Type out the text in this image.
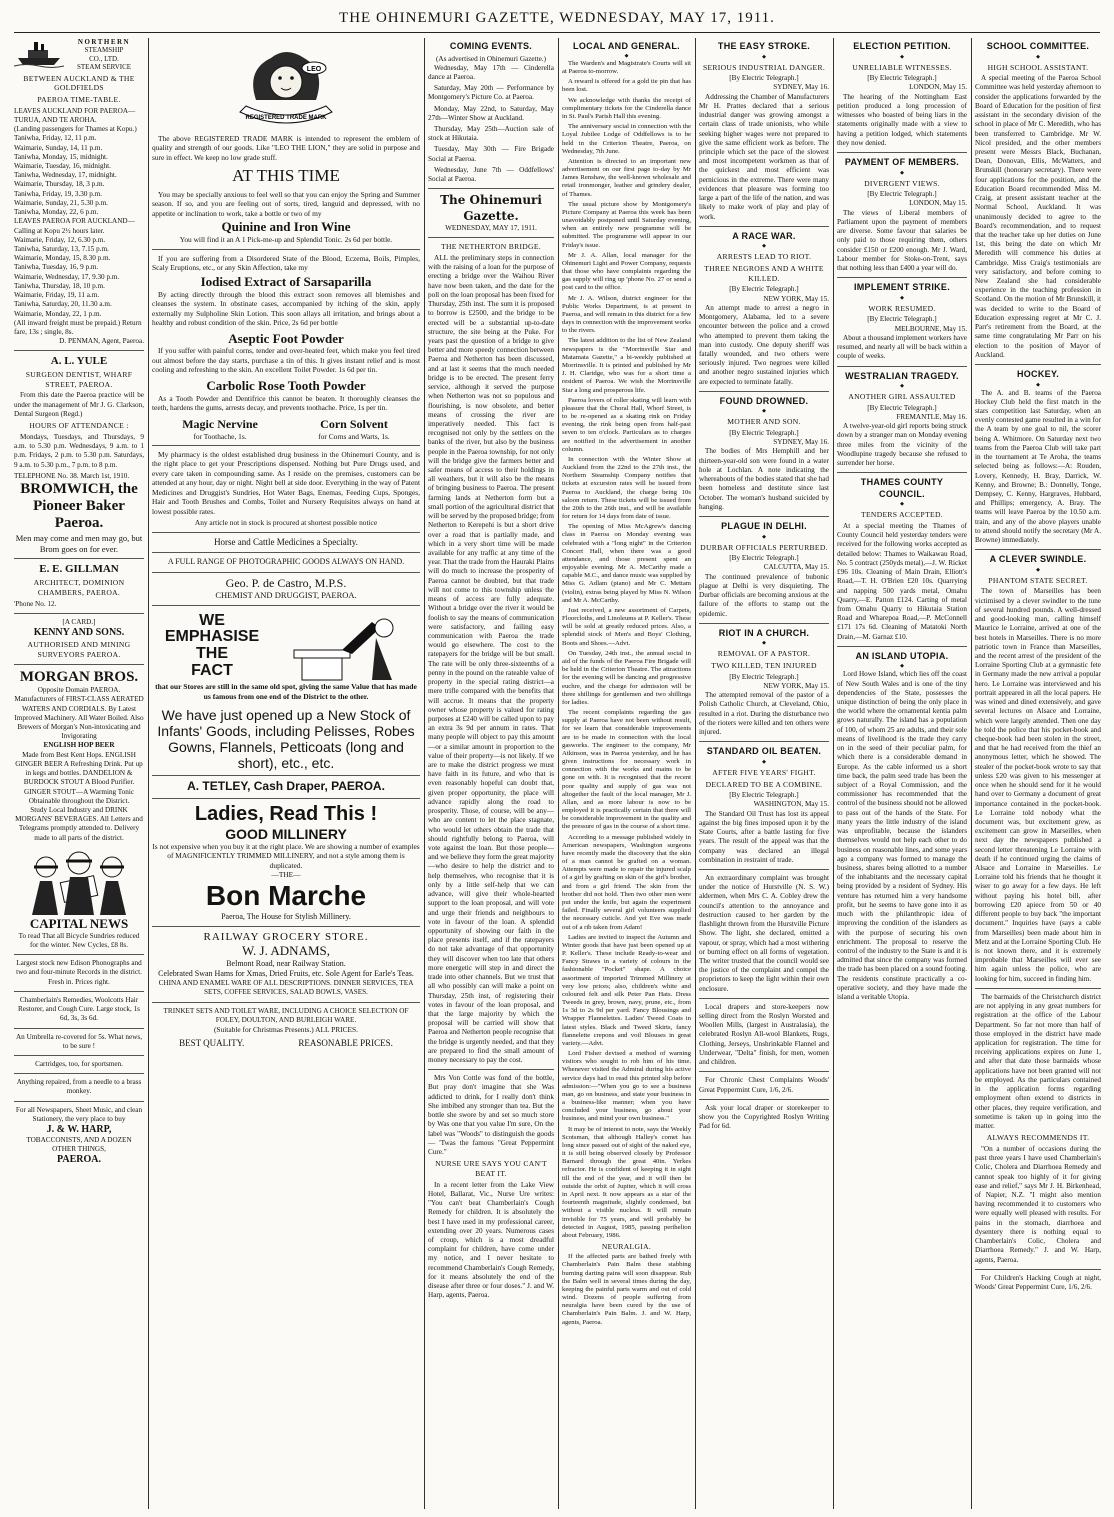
THE OHINEMURI GAZETTE, WEDNESDAY, MAY 17, 1911.
NORTHERN
STEAMSHIP
CO., LTD.
STEAM SERVICE
BETWEEN AUCKLAND & THE GOLDFIELDS
PAEROA TIME-TABLE.
LEAVES AUCKLAND FOR PAEROA—TURUA, AND TE AROHA.
(Landing passengers for Thames at Kopu.)
Taniwha, Friday, 12, 11 p.m.
Waimarie, Sunday, 14, 11 p.m.
Taniwha, Monday, 15, midnight.
Waimarie, Tuesday, 16, midnight.
Taniwha, Wednesday, 17, midnight.
Waimarie, Thursday, 18, 3 p.m.
Taniwha, Friday, 19, 3.30 p.m.
Waimarie, Sunday, 21, 5.30 p.m.
Taniwha, Monday, 22, 6 p.m.
LEAVES PAEROA FOR AUCKLAND—
Calling at Kopu 2½ hours later.
Waimarie, Friday, 12, 6.30 p.m.
Taniwha, Saturday, 13, 7.15 p.m.
Waimarie, Monday, 15, 8.30 p.m.
Taniwha, Tuesday, 16, 9 p.m.
Waimarie, Wednesday, 17, 9.30 p.m.
Taniwha, Thursday, 18, 10 p.m.
Waimarie, Friday, 19, 11 a.m.
Taniwha, Saturday, 20, 11.30 a.m.
Waimarie, Monday, 22, 1 p.m.
(All inward freight must be prepaid.) Return fare, 13s ; single, 8s.
D. PENMAN, Agent, Paeroa.
A. L. YULE
SURGEON DENTIST, WHARF STREET, PAEROA.

From this date the Paeroa practice will be under the management of Mr J. G. Clarkson, Dental Surgeon (Regd.)

HOURS OF ATTENDANCE :

Mondays, Tuesdays, and Thursdays, 9 a.m. to 5.30 p.m. Wednesdays, 9 a.m. to 1 p.m. Fridays, 2 p.m. to 5.30 p.m. Saturdays, 9 a.m. to 5.30 p.m., 7 p.m. to 8 p.m.

TELEPHONE No. 38. March 1st, 1910.
BROMWICH, the Pioneer Baker Paeroa.
Men may come and men may go, but Brom goes on for ever.
E. E. GILLMAN
ARCHITECT, DOMINION CHAMBERS, PAEROA.
'Phone No. 12.
[A CARD.]
KENNY AND SONS.
AUTHORISED AND MINING SURVEYORS PAEROA.
MORGAN BROS.
Opposite Domain PAEROA.
Manufacturers of FIRST-CLASS AERATED WATERS AND CORDIALS. By Latest Improved Machinery. All Water Boiled. Also Brewers of Morgan's Non-intoxicating and Invigorating
ENGLISH HOP BEER
Made from Best Kent Hops. ENGLISH GINGER BEER A Refreshing Drink. Put up in kegs and bottles. DANDELION & BURDOCK STOUT A Blood Purifier. GINGER STOUT—A Warming Tonic Obtainable throughout the District.
Study Local Industry and DRINK MORGANS' BEVERAGES. All Letters and Telegrams promptly attended to. Delivery made to all parts of the district.
CAPITAL NEWS
To read That all Bicycle Sundries reduced for the winter. New Cycles, £8 8s.
Largest stock new Edison Phonographs and two and four-minute Records in the district. Fresh in. Prices right.
Chamberlain's Remedies, Woolcotts Hair Restorer, and Cough Cure. Large stock, 1s 6d, 3s, 3s 6d.
An Umbrella re-covered for 5s. What news, to be sure !
Cartridges, too, for sportsmen.
Anything repaired, from a needle to a brass monkey.
For all Newspapers, Sheet Music, and clean Stationery, the very place to buy
J. & W. HARP,
TOBACCONISTS, AND A DOZEN OTHER THINGS,
PAEROA.
REGISTERED TRADE MARK
LEO

The above REGISTERED TRADE MARK is intended to represent the emblem of quality and strength of our goods. Like "LEO THE LION," they are solid in purpose and sure in effect. We keep no low grade stuff.

AT THIS TIME

You may be specially anxious to feel well so that you can enjoy the Spring and Summer season. If so, and you are feeling out of sorts, tired, languid and depressed, with no appetite or inclination to work, take a bottle or two of my

Quinine and Iron Wine
You will find it an A 1 Pick-me-up and Splendid Tonic. 2s 6d per bottle.

If you are suffering from a Disordered State of the Blood, Eczema, Boils, Pimples, Scaly Eruptions, etc., or any Skin Affection, take my

Iodised Extract of Sarsaparilla

By acting directly through the blood this extract soon removes all blemishes and cleanses the system. In obstinate cases, accompanied by itching of the skin, apply externally my Sulpholine Skin Lotion. This soon allays all irritation, and brings about a healthy and robust condition of the skin. Price, 2s 6d per bottle

Aseptic Foot Powder

If you suffer with painful corns, tender and over-heated feet, which make you feel tired out almost before the day starts, purchase a tin of this. It gives instant relief and is most cooling and refreshing to the skin. An excellent Toilet Powder. 1s 6d per tin.

Carbolic Rose Tooth Powder

As a Tooth Powder and Dentifrice this cannot be beaten. It thoroughly cleanses the teeth, hardens the gums, arrests decay, and prevents toothache. Price, 1s per tin.

Magic Nervine
for Toothache, 1s.
Corn Solvent
for Corns and Warts, 1s.

My pharmacy is the oldest established drug business in the Ohinemuri County, and is the right place to get your Prescriptions dispensed. Nothing but Pure Drugs used, and every care taken in compounding same. As I reside on the premises, customers can be attended at any hour, day or night. Night bell at side door. Everything in the way of Patent Medicines and Druggist's Sundries, Hot Water Bags, Enemas, Feeding Cups, Sponges, Hair and Tooth Brushes and Combs, Toilet and Nursery Requisites always on hand at lowest possible rates.

Any article not in stock is procured at shortest possible notice
Horse and Cattle Medicines a Specialty.
A FULL RANGE OF PHOTOGRAPHIC GOODS ALWAYS ON HAND.
Geo. P. de Castro, M.P.S.
CHEMIST AND DRUGGIST, PAEROA.
WE
EMPHASISE
THE
FACT
that our Stores are still in the same old spot, giving the same Value that has made us famous from one end of the District to the other.
We have just opened up a New Stock of Infants' Goods, including Pelisses, Robes Gowns, Flannels, Petticoats (long and short), etc., etc.
A. TETLEY, Cash Draper, PAEROA.
Ladies, Read This !
GOOD MILLINERY
Is not expensive when you buy it at the right place. We are showing a number of examples of MAGNIFICENTLY TRIMMED MILLINERY, and not a style among them is duplicated.
—THE—
Bon Marche
Paeroa, The House for Stylish Millinery.
RAILWAY GROCERY STORE.
W. J. ADNAMS,
Belmont Road, near Railway Station.
Celebrated Swan Hams for Xmas, Dried Fruits, etc. Sole Agent for Earle's Teas.
CHINA AND ENAMEL WARE OF ALL DESCRIPTIONS. DINNER SERVICES, TEA SETS, COFFEE SERVICES, SALAD BOWLS, VASES.
TRINKET SETS AND TOILET WARE, INCLUDING A CHOICE SELECTION OF FOLEY, DOULTON, AND BURLEIGH WARE.
(Suitable for Christmas Presents.) ALL PRICES.
BEST QUALITY.	REASONABLE PRICES.
COMING EVENTS.
(As advertised in Ohinemuri Gazette.)

Wednesday, May 17th — Cinderella dance at Paeroa.

Saturday, May 20th — Performance by Montgomery's Picture Co. at Paeroa.

Monday, May 22nd, to Saturday, May 27th—Winter Show at Auckland.

Thursday, May 25th—Auction sale of stock at Hikutaia.

Tuesday, May 30th — Fire Brigade Social at Paeroa.

Wednesday, June 7th — Oddfellows' Social at Paeroa.

The Ohinemuri Gazette.
WEDNESDAY, MAY 17, 1911.
THE NETHERTON BRIDGE.

ALL the preliminary steps in connection with the raising of a loan for the purpose of erecting a bridge over the Waihou River have now been taken, and the date for the poll on the loan proposal has been fixed for Thursday, 25th inst. The sum it is proposed to borrow is £2500, and the bridge to be erected will be a substantial up-to-date structure, the site being at the Puke. For years past the question of a bridge to give better and more speedy connection between Paeroa and Netherton has been discussed, and at last it seems that the much needed bridge is to be erected. The present ferry service, although it served the purpose when Netherton was not so populous and flourishing, is now obsolete, and better means of crossing the river are imperatively needed. This fact is recognised not only by the settlers on the banks of the river, but also by the business people in the Paeroa township, for not only will the bridge give the farmers better and safer means of access to their holdings in all weathers, but it will also be the means of bringing business to Paeroa. The present farming lands at Netherton form but a small portion of the agricultural district that will be served by the proposed bridge; from Netherton to Kerepehi is but a short drive over a road that is partially made, and which in a very short time will be made available for any traffic at any time of the year. That the trade from the Hauraki Plains will do much to increase the prosperity of Paeroa cannot be doubted, but that trade will not come to this township unless the means of access are fully adequate. Without a bridge over the river it would be foolish to say the means of communication were satisfactory, and failing easy communication with Paeroa the trade would go elsewhere. The cost to the ratepayers for the bridge will be but small. The rate will be only three-sixteenths of a penny in the pound on the rateable value of property in the special rating district—a mere trifle compared with the benefits that will accrue. It means that the property owner whose property is valued for rating purposes at £240 will be called upon to pay an extra 3s 9d per annum in rates. That many people will object to pay this amount—or a similar amount in proportion to the value of their property—is not likely. If we are to make the district progress we must have faith in its future, and who that is even reasonably hopeful can doubt that, given proper opportunity, the place will advance rapidly along the road to prosperity. Those, of course, will be any—who are content to let the place stagnate, who would let others obtain the trade that should rightfully belong to Paeroa, will vote against the loan. But those people—and we believe they form the great majority—who desire to help the district and to help themselves, who recognise that it is only by a little self-help that we can advance, will give their whole-hearted support to the loan proposal, and will vote and urge their friends and neighbours to vote in favour of the loan. A splendid opportunity of showing our faith in the place presents itself, and if the ratepayers do not take advantage of that opportunity they will discover when too late that others more energetic will step in and direct the trade into other channels. But we trust that all who possibly can will make a point on Thursday, 25th inst, of registering their votes in favour of the loan proposal, and that the large majority by which the proposal will be carried will show that Paeroa and Netherton people recognise that the bridge is urgently needed, and that they are prepared to find the small amount of money necessary to pay the cost.

Mrs Von Cottle was fond of the bottle, But pray don't imagine that she Was addicted to drink, for I really don't think She imbibed any stronger than tea. But the bottle she swore by and set so much store by Was one that you value I'm sure, On the label was "Woods" to distinguish the goods— 'Twas the famous "Great Peppermint Cure."

NURSE URE SAYS YOU CAN'T BEAT IT.

In a recent letter from the Lake View Hotel, Ballarat, Vic., Nurse Ure writes: "You can't beat Chamberlain's Cough Remedy for children. It is absolutely the best I have used in my professional career, extending over 20 years. Numerous cases of croup, which is a most dreadful complaint for children, have come under my notice, and I never hesitate to recommend Chamberlain's Cough Remedy, for it means absolutely the end of the disease after three or four doses." J. and W. Harp, agents, Paeroa.

LOCAL AND GENERAL.
◆

The Warden's and Magistrate's Courts will sit at Paeroa to-morrow.

A reward is offered for a gold tie pin that has been lost.

We acknowledge with thanks the receipt of complimentary tickets for the Cinderella dance in St. Paul's Parish Hall this evening.

The anniversary social in connection with the Loyal Jubilee Lodge of Oddfellows is to be held in the Criterion Theatre, Paeroa, on Wednesday, 7th June.

Attention is directed to an important new advertisement on our first page to-day by Mr James Renshaw, the well-known wholesale and retail ironmonger, leather and grindery dealer, of Thames.

The usual picture show by Montgomery's Picture Company at Paeroa this week has been unavoidably postponed until Saturday evening, when an entirely new programme will be submitted. The programme will appear in our Friday's issue.

Mr J. A. Allan, local manager for the Ohinemuri Light and Power Company, requests that those who have complaints regarding the gas supply will ring up 'phone No. 27 or send a post card to the office.

Mr J. A. Wilson, district engineer for the Public Works Department, is at present in Paeroa, and will remain in this district for a few days in connection with the improvement works to the rivers.

The latest addition to the list of New Zealand newspapers is the "Morrinsville Star and Matamata Gazette," a bi-weekly published at Morrinsville. It is printed and published by Mr J. H. Claridge, who was for a short time a resident of Paeroa. We wish the Morrinsville Star a long and prosperous life.

Paeroa lovers of roller skating will learn with pleasure that the Choral Hall, Whorf Street, is to be re-opened as a skating rink on Friday evening, the rink being open from half-past seven to ten o'clock. Particulars as to charges are notified in the advertisement in another column.

In connection with the Winter Show at Auckland from the 22nd to the 27th inst., the Northern Steamship Company notifies that tickets at excursion rates will be issued from Paeroa to Auckland, the charge being 10s saloon return. These tickets will be issued from the 20th to the 26th inst., and will be available for return for 14 days from date of issue.

The opening of Miss McAgrew's dancing class in Paeroa on Monday evening was celebrated with a "long night" in the Criterion Concert Hall, when there was a good attendance, and those present spent an enjoyable evening. Mr A. McCarthy made a capable M.C., and dance music was supplied by Miss G. Adlam (piano) and Mr C. Mettam (violin), extras being played by Miss N. Wilson and Mr A. McCarthy.

Just received, a new assortment of Carpets, Floorcloths, and Linoleums at P. Keller's. These will be sold at greatly reduced prices. Also, a splendid stock of Men's and Boys' Clothing, Boots and Shoes.—Advt.

On Tuesday, 24th inst., the annual social in aid of the funds of the Paeroa Fire Brigade will be held in the Criterion Theatre. The attractions for the evening will be dancing and progressive euchre, and the charge for admission will be three shillings for gentlemen and two shillings for ladies.

The recent complaints regarding the gas supply at Paeroa have not been without result, for we learn that considerable improvements are to be made in connection with the local gasworks. The engineer to the company, Mr Atkinson, was in Paeroa yesterday, and he has given instructions for necessary work in connection with the works and mains to be gone on with. It is recognised that the recent poor quality and supply of gas was not altogether the fault of the local manager, Mr J. Allan, and as more labour is now to be employed it is practically certain that there will be considerable improvement in the quality and the pressure of gas in the course of a short time.

According to a message published widely in American newspapers, Washington surgeons have recently made the discovery that the skin of a man cannot be grafted on a woman. Attempts were made to repair the injured scalp of a girl by grafting on skin of the girl's brother, and from a girl friend. The skin from the brother did not hold. Then two other men were put under the knife, but again the experiment failed. Finally several girl volunteers supplied the necessary cuticle. And yet Eve was made out of a rib taken from Adam!

Ladies are invited to inspect the Autumn and Winter goods that have just been opened up at P. Keller's. These include Ready-to-wear and Fancy Straws in a variety of colours in the fashionable "Pocket" shape. A choice assortment of imported Trimmed Millinery at very low prices; also, children's white and coloured felt and silk Peter Pan Hats. Dress Tweeds in grey, brown, navy, prune, etc., from 1s 3d to 2s 9d per yard. Fancy Blousings and Wrapper Flannelettes. Ladies' Tweed Coats in latest styles. Black and Tweed Skirts, fancy flannelette crepons and voil Blouses in great variety.—Advt.

Lord Fisher devised a method of warning visitors who sought to rob him of his time. Whenever visited the Admiral during his active service days had to read this printed slip before admission:—"When you go to see a business man, go on business, and state your business in a business-like manner; when you have concluded your business, go about your business, and mind your own business."

It may be of interest to note, says the Weekly Scotsman, that although Halley's comet has long since passed out of sight of the naked eye, it is still being observed closely by Professor Barnard through the great 40in. Yerkes refractor. He is confident of keeping it in sight till the end of the year, and it will then be outside the orbit of Jupiter, which it will cross in April next. It now appears as a star of the fourteenth magnitude, slightly condensed, but without a visible nucleus. It will remain invisible for 75 years, and will probably be detected in August, 1985, passing perihelion about February, 1986.

NEURALGIA.

If the affected parts are bathed freely with Chamberlain's Pain Balm these stabbing burning darting pains will soon disappear. Rub the Balm well in several times during the day, keeping the painful parts warm and out of cold wind. Dozens of people suffering from neuralgia have been cured by the use of Chamberlain's Pain Balm. J. and W. Harp, agents, Paeroa.

THE EASY STROKE.
◆
SERIOUS INDUSTRIAL DANGER.
[By Electric Telegraph.]
SYDNEY, May 16.

Addressing the Chamber of Manufacturers Mr H. Prattes declared that a serious industrial danger was growing amongst a certain class of trade unionists, who while seeking higher wages were not prepared to give the same efficient work as before. The principle which set the pace of the slowest and most incompetent workmen as that of the quickest and most efficient was pernicious in the extreme. There were many evidences that pleasure was forming too large a part of the life of the nation, and was likely to make work of play and play of work.

A RACE WAR.
◆
ARRESTS LEAD TO RIOT.
THREE NEGROES AND A WHITE KILLED.
[By Electric Telegraph.]
NEW YORK, May 15.

An attempt made to arrest a negro in Montgomery, Alabama, led to a severe encounter between the police and a crowd who attempted to prevent them taking the man into custody. One deputy sheriff was fatally wounded, and two others were seriously injured. Two negroes were killed and another negro sustained injuries which are expected to terminate fatally.

FOUND DROWNED.
◆
MOTHER AND SON.
[By Electric Telegraph.]
SYDNEY, May 16.

The bodies of Mrs Hemphill and her thirteen-year-old son were found in a water hole at Lochlan. A note indicating the whereabouts of the bodies stated that she had been homeless and destitute since last October. The woman's husband suicided by hanging.

PLAGUE IN DELHI.
◆
DURBAR OFFICIALS PERTURBED.
[By Electric Telegraph.]
CALCUTTA, May 15.

The continued prevalence of bubonic plague at Delhi is very disquieting. The Durbar officials are becoming anxious at the failure of the efforts to stamp out the epidemic.

RIOT IN A CHURCH.
◆
REMOVAL OF A PASTOR.
TWO KILLED, TEN INJURED
[By Electric Telegraph.]
NEW YORK, May 15.

The attempted removal of the pastor of a Polish Catholic Church, at Cleveland, Ohio, resulted in a riot. During the disturbance two of the rioters were killed and ten others were injured.

STANDARD OIL BEATEN.
◆
AFTER FIVE YEARS' FIGHT.
DECLARED TO BE A COMBINE.
[By Electric Telegraph.]
WASHINGTON, May 15.

The Standard Oil Trust has lost its appeal against the big fines imposed upon it by the State Courts, after a battle lasting for five years. The result of the appeal was that the company was declared an illegal combination in restraint of trade.

An extraordinary complaint was brought under the notice of Hurstville (N. S. W.) aldermen, when Mrs C. A. Cobley drew the council's attention to the annoyance and destruction caused to her garden by the flashlight thrown from the Hurstville Picture Show. The light, she declared, emitted a vapour, or spray, which had a most withering or burning effect on all forms of vegetation. The writer trusted that the council would see the justice of the complaint and compel the proprietors to keep the light within their own enclosure.

Local drapers and store-keepers now selling direct from the Roslyn Worsted and Woollen Mills, (largest in Australasia), the celebrated Roslyn All-wool Blankets, Rugs, Clothing, Jerseys, Unshrinkable Flannel and Underwear, "Delta" finish, for men, women and children.

For Chronic Chest Complaints Woods' Great Peppermint Cure, 1/6, 2/6.

Ask your local draper or storekeeper to show you the Copyrighted Roslyn Writing Pad for 6d.

ELECTION PETITION.
◆
UNRELIABLE WITNESSES.
[By Electric Telegraph.]
LONDON, May 15.

The hearing of the Nottingham East petition produced a long procession of witnesses who boasted of being liars in the statements originally made with a view to having a petition lodged, which statements they now denied.

PAYMENT OF MEMBERS.
◆
DIVERGENT VIEWS.
[By Electric Telegraph.]
LONDON, May 15.

The views of Liberal members of Parliament upon the payment of members are diverse. Some favour that salaries be only paid to those requiring them, others consider £150 or £200 enough. Mr J. Ward, Labour member for Stoke-on-Trent, says that nothing less than £400 a year will do.

IMPLEMENT STRIKE.
◆
WORK RESUMED.
[By Electric Telegraph.]
MELBOURNE, May 15.

About a thousand implement workers have resumed, and nearly all will be back within a couple of weeks.

WESTRALIAN TRAGEDY.
◆
ANOTHER GIRL ASSAULTED
[By Electric Telegraph.]
FREMANTLE, May 16.

A twelve-year-old girl reports being struck down by a stranger man on Monday evening three miles from the vicinity of the Woodlupine tragedy because she refused to surrender her horse.

THAMES COUNTY COUNCIL.
◆
TENDERS ACCEPTED.

At a special meeting the Thames of County Council held yesterday tenders were received for the following works accepted as detailed below: Thames to Waikawau Road, No. 5 contract (250yds metal),—J. W. Ricket £96 10s. Cleaning of Main Drain, Elliott's Road,—T. H. O'Brien £20 10s. Quarrying and napping 500 yards metal, Omahu Quarry,—E. Patton £124. Carting of metal from Omahu Quarry to Hikutaia Station Road and Wharepoa Road,—P. McConnell £171 17s 6d. Cleaning of Matatoki North Drain,—M. Garnaz £10.

AN ISLAND UTOPIA.
◆

Lord Howe Island, which lies off the coast of New South Wales and is one of the tiny dependencies of the State, possesses the unique distinction of being the only place in the world where the ornamental kentia palm grows naturally. The island has a population of 100, of whom 25 are adults, and their sole means of livelihood is the trade they carry on in the seed of their peculiar palm, for which there is a considerable demand in Europe. As the cable informed us a short time back, the palm seed trade has been the subject of a Royal Commission, and the commissioner has recommended that the control of the business should not be allowed to pass out of the hands of the State. For many years the little industry of the island was unprofitable, because the islanders themselves would not help each other to do business on reasonable lines, and some years ago a company was formed to manage the business, shares being allotted to a number of the inhabitants and the necessary capital being provided by a resident of Sydney. His venture has returned him a very handsome profit, but he seems to have gone into it as much with the philanthropic idea of improving the condition of the islanders as with the purpose of securing his own enrichment. The proposal to reserve the control of the industry to the State is and it is admitted that since the company was formed the trade has been placed on a sound footing. The residents constitute practically a co-operative society, and they have made the island a veritable Utopia.

SCHOOL COMMITTEE.
◆
HIGH SCHOOL ASSISTANT.

A special meeting of the Paeroa School Committee was held yesterday afternoon to consider the applications forwarded by the Board of Education for the position of first assistant in the secondary division of the school in place of Mr C. Meredith, who has been transferred to Cambridge. Mr W. Nicol presided, and the other members present were Messrs Black, Buchanan, Dean, Donovan, Ellis, McWatters, and Brunskill (honorary secretary). There were four applications for the position, and the Education Board recommended Miss M. Craig, at present assistant teacher at the Normal School, Auckland. It was unanimously decided to agree to the Board's recommendation, and to request that the teacher take up her duties on June 1st, this being the date on which Mr Meredith will commence his duties at Cambridge. Miss Craig's testimonials are very satisfactory, and before coming to New Zealand she had considerable experience in the teaching profession in Scotland. On the motion of Mr Brunskill, it was decided to write to the Board of Education expressing regret at Mr C. J. Parr's retirement from the Board, at the same time congratulating Mr Parr on his election to the position of Mayor of Auckland.

HOCKEY.
◆

The A. and B. teams of the Paeroa Hockey Club held the first match in the stars competition last Saturday, when an evenly contested game resulted in a win for the A team by one goal to nil, the scorer being A. Whitmore. On Saturday next two teams from the Paeroa Club will take part in the tournament at Te Aroha, the teams selected being as follows:—A: Rouden, Lovery, Kennedy, H. Bray, Darrick, W. Kenny, and Browne; B.: Donnelly, Tonge, Dempsey, C. Kenny, Hargraves, Hubbard, and Phillips; emergency, A. Bray. The teams will leave Paeroa by the 10.50 a.m. train, and any of the above players unable to attend should notify the secretary (Mr A. Browne) immediately.

A CLEVER SWINDLE.
◆
PHANTOM STATE SECRET.

The town of Marseilles has been victimised by a clever swindler to the tune of several hundred pounds. A well-dressed and good-looking man, calling himself Maurice le Lorraine, arrived at one of the best hotels in Marseilles. There is no more patriotic town in France than Marseilles, and the recent arrest of the president of the Lorraine Sporting Club at a gymnastic fete in Germany made the new arrival a popular hero. Le Lorraine was interviewed and his portrait appeared in all the local papers. He was wined and dined extensively, and gave several lectures on Alsace and Lorraine, which were largely attended. Then one day he told the police that his pocket-book and cheque-book had been stolen in the street, and that he had received from the thief an anonymous letter, which he showed. The stealer of the pocket-book wrote to say that unless £20 was given to his messenger at once when he should send for it he would hand over to Germany a document of great importance contained in the pocket-book. Le Lorraine told nobody what the document was, but excitement grew, as excitement can grow in Marseilles, when next day the newspapers published a second letter threatening Le Lorraine with death if he continued urging the claims of Alsace and Lorraine in Marseilles. Le Lorraine told his friends that he thought it wiser to go away for a few days. He left without paying his hotel bill, after borrowing £20 apiece from 50 or 40 different people to buy back "the important document." Inquiries have (says a cable from Marseilles) been made about him in Metz and at the Lorraine Sporting Club. He is not known there, and it is extremely improbable that Marseilles will ever see him again unless the police, who are looking for him, succeed in finding him.

The barmaids of the Christchurch district are not applying in any great numbers for registration at the office of the Labour Department. So far not more than half of those employed in the district have made application for registration. The time for receiving applications expires on June 1, and after that date those barmaids whose applications have not been granted will not be employed. As the particulars contained in the application forms regarding employment often extend to districts in other places, they require verification, and sometime is taken up in going into the matter.

ALWAYS RECOMMENDS IT.

"On a number of occasions during the past three years I have used Chamberlain's Colic, Cholera and Diarrhoea Remedy and cannot speak too highly of it for giving ease and relief," says Mr J. H. Birkenhead, of Napier, N.Z. "I might also mention having recommended it to customers who were equally well pleased with results. For pains in the stomach, diarrhoea and dysentery there is nothing equal to Chamberlain's Colic, Cholera and Diarrhoea Remedy." J. and W. Harp, agents, Paeroa.

For Children's Hacking Cough at night, Woods' Great Peppermint Cure, 1/6, 2/6.
